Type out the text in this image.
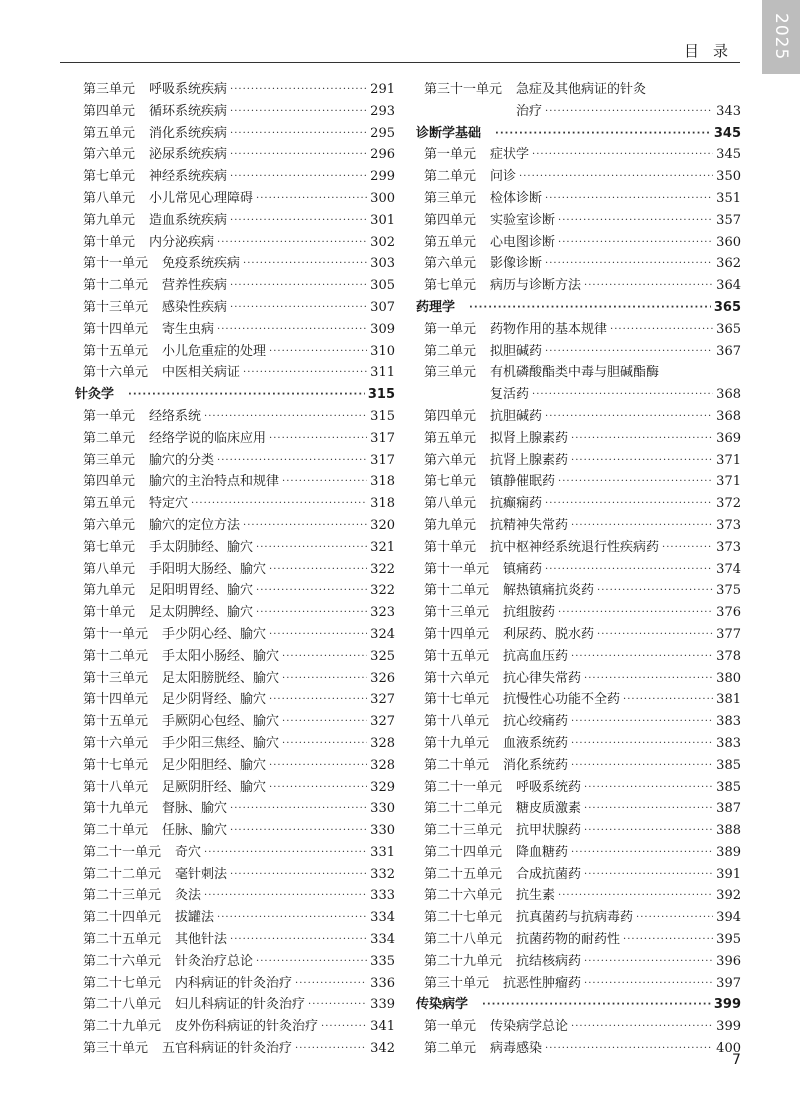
2025
目录
第三单元	呼吸系统疾病 ·····	291
第四单元	循环系统疾病 ·····	293
第五单元	消化系统疾病 ·····	295
第六单元	泌尿系统疾病 ·····	296
第七单元	神经系统疾病 ·····	299
第八单元	小儿常见心理障碍 ·····	300
第九单元	造血系统疾病 ·····	301
第十单元	内分泌疾病 ·····	302
第十一单元	免疫系统疾病 ·····	303
第十二单元	营养性疾病 ·····	305
第十三单元	感染性疾病 ·····	307
第十四单元	寄生虫病 ·····	309
第十五单元	小儿危重症的处理 ·····	310
第十六单元	中医相关病证 ·····	311
针灸学 ·····	315
第一单元	经络系统 ·····	315
第二单元	经络学说的临床应用 ·····	317
第三单元	腧穴的分类 ·····	317
第四单元	腧穴的主治特点和规律 ·····	318
第五单元	特定穴 ·····	318
第六单元	腧穴的定位方法 ·····	320
第七单元	手太阴肺经、腧穴 ·····	321
第八单元	手阳明大肠经、腧穴 ·····	322
第九单元	足阳明胃经、腧穴 ·····	322
第十单元	足太阴脾经、腧穴 ·····	323
第十一单元	手少阴心经、腧穴 ·····	324
第十二单元	手太阳小肠经、腧穴 ·····	325
第十三单元	足太阳膀胱经、腧穴 ·····	326
第十四单元	足少阴肾经、腧穴 ·····	327
第十五单元	手厥阴心包经、腧穴 ·····	327
第十六单元	手少阳三焦经、腧穴 ·····	328
第十七单元	足少阳胆经、腧穴 ·····	328
第十八单元	足厥阴肝经、腧穴 ·····	329
第十九单元	督脉、腧穴 ·····	330
第二十单元	任脉、腧穴 ·····	330
第二十一单元	奇穴 ·····	331
第二十二单元	毫针刺法 ·····	332
第二十三单元	灸法 ·····	333
第二十四单元	拔罐法 ·····	334
第二十五单元	其他针法 ·····	334
第二十六单元	针灸治疗总论 ·····	335
第二十七单元	内科病证的针灸治疗 ·····	336
第二十八单元	妇儿科病证的针灸治疗 ·····	339
第二十九单元	皮外伤科病证的针灸治疗 ·····	341
第三十单元	五官科病证的针灸治疗 ·····	342
第三十一单元	急症及其他病证的针灸
治疗 ·····	343
诊断学基础 ·····	345
第一单元	症状学 ·····	345
第二单元	问诊 ·····	350
第三单元	检体诊断 ·····	351
第四单元	实验室诊断 ·····	357
第五单元	心电图诊断 ·····	360
第六单元	影像诊断 ·····	362
第七单元	病历与诊断方法 ·····	364
药理学 ·····	365
第一单元	药物作用的基本规律 ·····	365
第二单元	拟胆碱药 ·····	367
第三单元	有机磷酸酯类中毒与胆碱酯酶
复活药 ·····	368
第四单元	抗胆碱药 ·····	368
第五单元	拟肾上腺素药 ·····	369
第六单元	抗肾上腺素药 ·····	371
第七单元	镇静催眠药 ·····	371
第八单元	抗癫痫药 ·····	372
第九单元	抗精神失常药 ·····	373
第十单元	抗中枢神经系统退行性疾病药 ·····	373
第十一单元	镇痛药 ·····	374
第十二单元	解热镇痛抗炎药 ·····	375
第十三单元	抗组胺药 ·····	376
第十四单元	利尿药、脱水药 ·····	377
第十五单元	抗高血压药 ·····	378
第十六单元	抗心律失常药 ·····	380
第十七单元	抗慢性心功能不全药 ·····	381
第十八单元	抗心绞痛药 ·····	383
第十九单元	血液系统药 ·····	383
第二十单元	消化系统药 ·····	385
第二十一单元	呼吸系统药 ·····	385
第二十二单元	糖皮质激素 ·····	387
第二十三单元	抗甲状腺药 ·····	388
第二十四单元	降血糖药 ·····	389
第二十五单元	合成抗菌药 ·····	391
第二十六单元	抗生素 ·····	392
第二十七单元	抗真菌药与抗病毒药 ·····	394
第二十八单元	抗菌药物的耐药性 ·····	395
第二十九单元	抗结核病药 ·····	396
第三十单元	抗恶性肿瘤药 ·····	397
传染病学 ·····	399
第一单元	传染病学总论 ·····	399
第二单元	病毒感染 ·····	400
7
